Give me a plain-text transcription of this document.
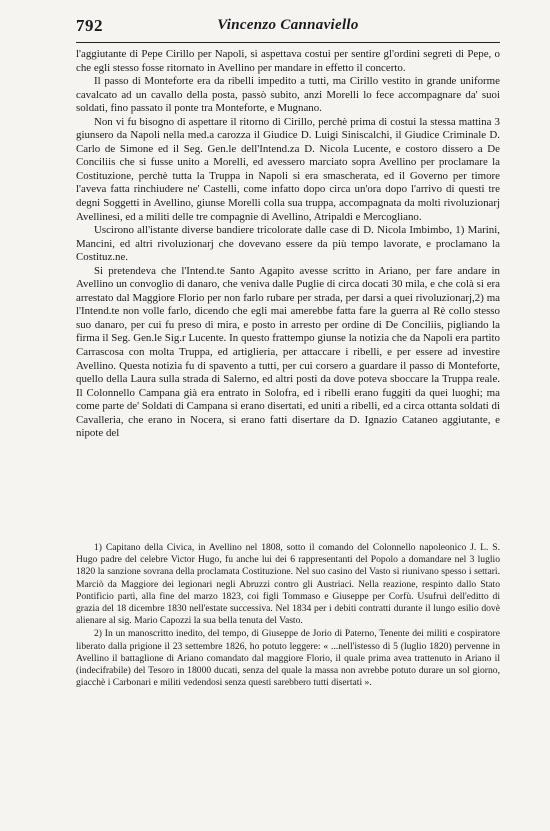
792	Vincenzo Cannaviello

l'aggiutante di Pepe Cirillo per Napoli, si aspettava costui per sentire gl'ordini segreti di Pepe, o che egli stesso fosse ritornato in Avellino per mandare in effetto il concerto.

Il passo di Monteforte era da ribelli impedito a tutti, ma Cirillo vestito in grande uniforme cavalcato ad un cavallo della posta, passò subito, anzi Morelli lo fece accompagnare da' suoi soldati, fino passato il ponte tra Monteforte, e Mugnano.

Non vi fu bisogno di aspettare il ritorno di Cirillo, perchè prima di costui la stessa mattina 3 giunsero da Napoli nella med.a carozza il Giudice D. Luigi Siniscalchi, il Giudice Criminale D. Carlo de Simone ed il Seg. Gen.le dell'Intend.za D. Nicola Lucente, e costoro dissero a De Conciliis che si fusse unito a Morelli, ed avessero marciato sopra Avellino per proclamare la Costituzione, perchè tutta la Truppa in Napoli si era smascherata, ed il Governo per timore l'aveva fatta rinchiudere ne' Castelli, come infatto dopo circa un'ora dopo l'arrivo di questi tre degni Soggetti in Avellino, giunse Morelli colla sua truppa, accompagnata da molti rivoluzionarj Avellinesi, ed a militi delle tre compagnie di Avellino, Atripaldi e Mercogliano.

Uscirono all'istante diverse bandiere tricolorate dalle case di D. Nicola Imbimbo, 1) Marini, Mancini, ed altri rivoluzionarj che dovevano essere da più tempo lavorate, e proclamano la Costituz.ne.

Si pretendeva che l'Intend.te Santo Agapito avesse scritto in Ariano, per fare andare in Avellino un convoglio di danaro, che veniva dalle Puglie di circa docati 30 mila, e che colà si era arrestato dal Maggiore Florio per non farlo rubare per strada, per darsi a quei rivoluzionarj,2) ma l'Intend.te non volle farlo, dicendo che egli mai amerebbe fatta fare la guerra al Rè collo stesso suo danaro, per cui fu preso di mira, e posto in arresto per ordine di De Conciliis, pigliando la firma il Seg. Gen.le Sig.r Lucente. In questo frattempo giunse la notizia che da Napoli era partito Carrascosa con molta Truppa, ed artiglieria, per attaccare i ribelli, e per essere ad investire Avellino. Questa notizia fu di spavento a tutti, per cui corsero a guardare il passo di Monteforte, quello della Laura sulla strada di Salerno, ed altri posti da dove poteva sboccare la Truppa reale. Il Colonnello Campana già era entrato in Solofra, ed i ribelli erano fuggiti da quei luoghi; ma come parte de' Soldati di Campana si erano disertati, ed uniti a ribelli, ed a circa ottanta soldati di Cavalleria, che erano in Nocera, si erano fatti disertare da D. Ignazio Cataneo aggiutante, e nipote del

1) Capitano della Civica, in Avellino nel 1808, sotto il comando del Colonnello napoleonico J. L. S. Hugo padre del celebre Victor Hugo, fu anche lui dei 6 rappresentanti del Popolo a domandare nel 3 luglio 1820 la sanzione sovrana della proclamata Costituzione. Nel suo casino del Vasto si riunivano spesso i settari. Marciò da Maggiore dei legionari negli Abruzzi contro gli Austriaci. Nella reazione, respinto dallo Stato Pontificio partì, alla fine del marzo 1823, coi figli Tommaso e Giuseppe per Corfù. Usufruì dell'editto di grazia del 18 dicembre 1830 nell'estate successiva. Nel 1834 per i debiti contratti durante il lungo esilio dovè alienare al sig. Mario Capozzi la sua bella tenuta del Vasto.

2) In un manoscritto inedito, del tempo, di Giuseppe de Jorio di Paterno, Tenente dei militi e cospiratore liberato dalla prigione il 23 settembre 1826, ho potuto leggere: « ...nell'istesso dì 5 (luglio 1820) pervenne in Avellino il battaglione di Ariano comandato dal maggiore Florio, il quale prima avea trattenuto in Ariano il (indecifrabile) del Tesoro in 18000 ducati, senza del quale la massa non avrebbe potuto durare un sol giorno, giacchè i Carbonari e militi vedendosi senza questi sarebbero tutti disertati ».
